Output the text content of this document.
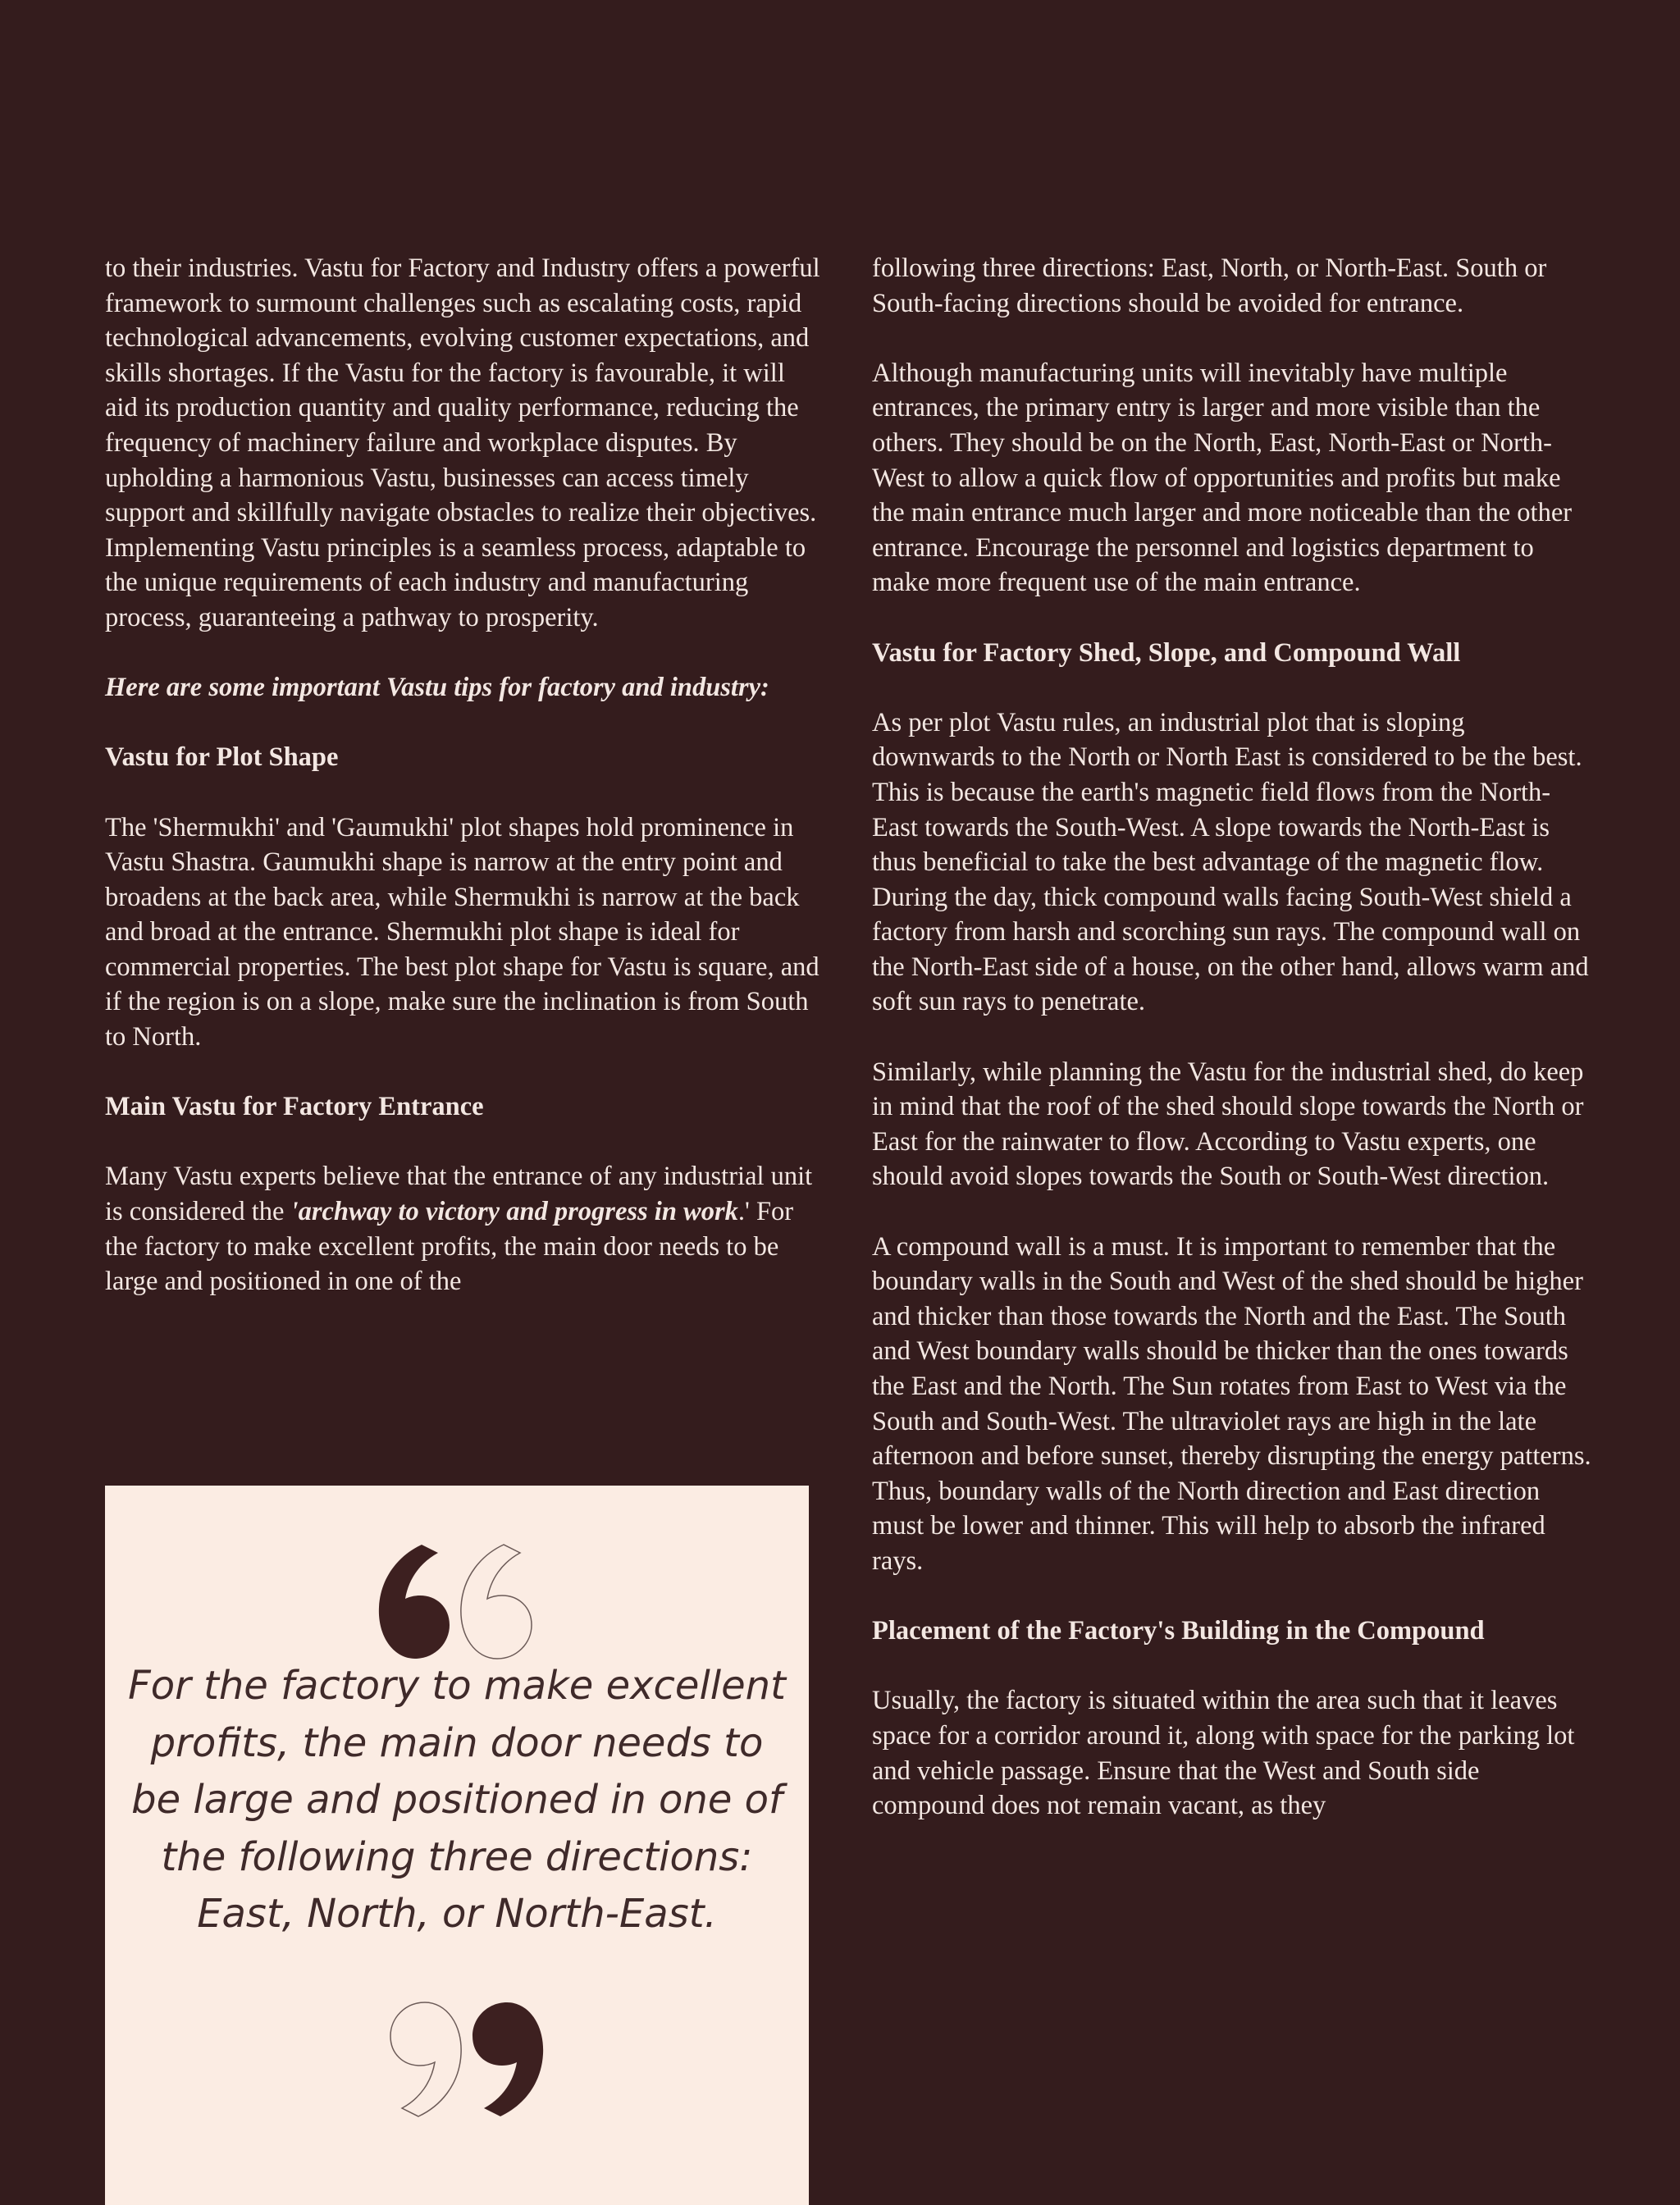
to their industries. Vastu for Factory and Industry offers a powerful framework to surmount challenges such as escalating costs, rapid technological advancements, evolving customer expectations, and skills shortages. If the Vastu for the factory is favourable, it will aid its production quantity and quality performance, reducing the frequency of machinery failure and workplace disputes. By upholding a harmonious Vastu, businesses can access timely support and skillfully navigate obstacles to realize their objectives. Implementing Vastu principles is a seamless process, adaptable to the unique requirements of each industry and manufacturing process, guaranteeing a pathway to prosperity.

Here are some important Vastu tips for factory and industry:

Vastu for Plot Shape

The 'Shermukhi' and 'Gaumukhi' plot shapes hold prominence in Vastu Shastra. Gaumukhi shape is narrow at the entry point and broadens at the back area, while Shermukhi is narrow at the back and broad at the entrance. Shermukhi plot shape is ideal for commercial properties. The best plot shape for Vastu is square, and if the region is on a slope, make sure the inclination is from South to North.

Main Vastu for Factory Entrance

Many Vastu experts believe that the entrance of any industrial unit is considered the 'archway to victory and progress in work.' For the factory to make excellent profits, the main door needs to be large and positioned in one of the

For the factory to make excellent profits, the main door needs to be large and positioned in one of the following three directions: East, North, or North-East.

following three directions: East, North, or North-East. South or South-facing directions should be avoided for entrance.

Although manufacturing units will inevitably have multiple entrances, the primary entry is larger and more visible than the others. They should be on the North, East, North-East or North-West to allow a quick flow of opportunities and profits but make the main entrance much larger and more noticeable than the other entrance. Encourage the personnel and logistics department to make more frequent use of the main entrance.

Vastu for Factory Shed, Slope, and Compound Wall

As per plot Vastu rules, an industrial plot that is sloping downwards to the North or North East is considered to be the best. This is because the earth's magnetic field flows from the North-East towards the South-West. A slope towards the North-East is thus beneficial to take the best advantage of the magnetic flow. During the day, thick compound walls facing South-West shield a factory from harsh and scorching sun rays. The compound wall on the North-East side of a house, on the other hand, allows warm and soft sun rays to penetrate.

Similarly, while planning the Vastu for the industrial shed, do keep in mind that the roof of the shed should slope towards the North or East for the rainwater to flow. According to Vastu experts, one should avoid slopes towards the South or South-West direction.

A compound wall is a must. It is important to remember that the boundary walls in the South and West of the shed should be higher and thicker than those towards the North and the East. The South and West boundary walls should be thicker than the ones towards the East and the North. The Sun rotates from East to West via the South and South-West. The ultraviolet rays are high in the late afternoon and before sunset, thereby disrupting the energy patterns. Thus, boundary walls of the North direction and East direction must be lower and thinner. This will help to absorb the infrared rays.

Placement of the Factory's Building in the Compound

Usually, the factory is situated within the area such that it leaves space for a corridor around it, along with space for the parking lot and vehicle passage. Ensure that the West and South side compound does not remain vacant, as they
